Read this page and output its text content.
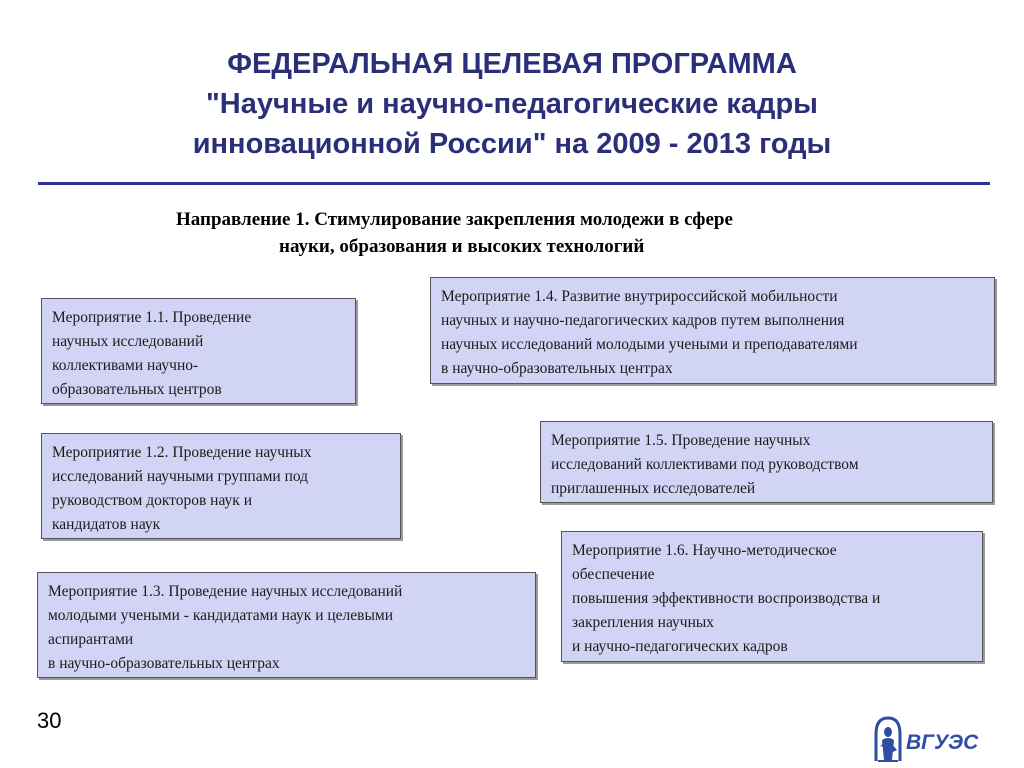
ФЕДЕРАЛЬНАЯ ЦЕЛЕВАЯ ПРОГРАММА
"Научные и научно-педагогические кадры
инновационной России" на 2009 - 2013 годы
Направление 1. Стимулирование закрепления молодежи в сфере
науки, образования и высоких технологий
Мероприятие 1.1. Проведение
научных исследований
коллективами научно-
образовательных центров
Мероприятие 1.2. Проведение научных
исследований научными группами под
руководством докторов наук и
кандидатов наук
Мероприятие 1.3. Проведение научных исследований
молодыми учеными - кандидатами наук и целевыми
аспирантами
в научно-образовательных центрах
Мероприятие 1.4. Развитие внутрироссийской мобильности
научных и научно-педагогических кадров путем выполнения
научных исследований молодыми учеными и преподавателями
в научно-образовательных центрах
Мероприятие 1.5. Проведение научных
исследований коллективами под руководством
приглашенных исследователей
Мероприятие 1.6. Научно-методическое
обеспечение
повышения эффективности воспроизводства и
закрепления научных
и научно-педагогических кадров
30
ВГУЭС
